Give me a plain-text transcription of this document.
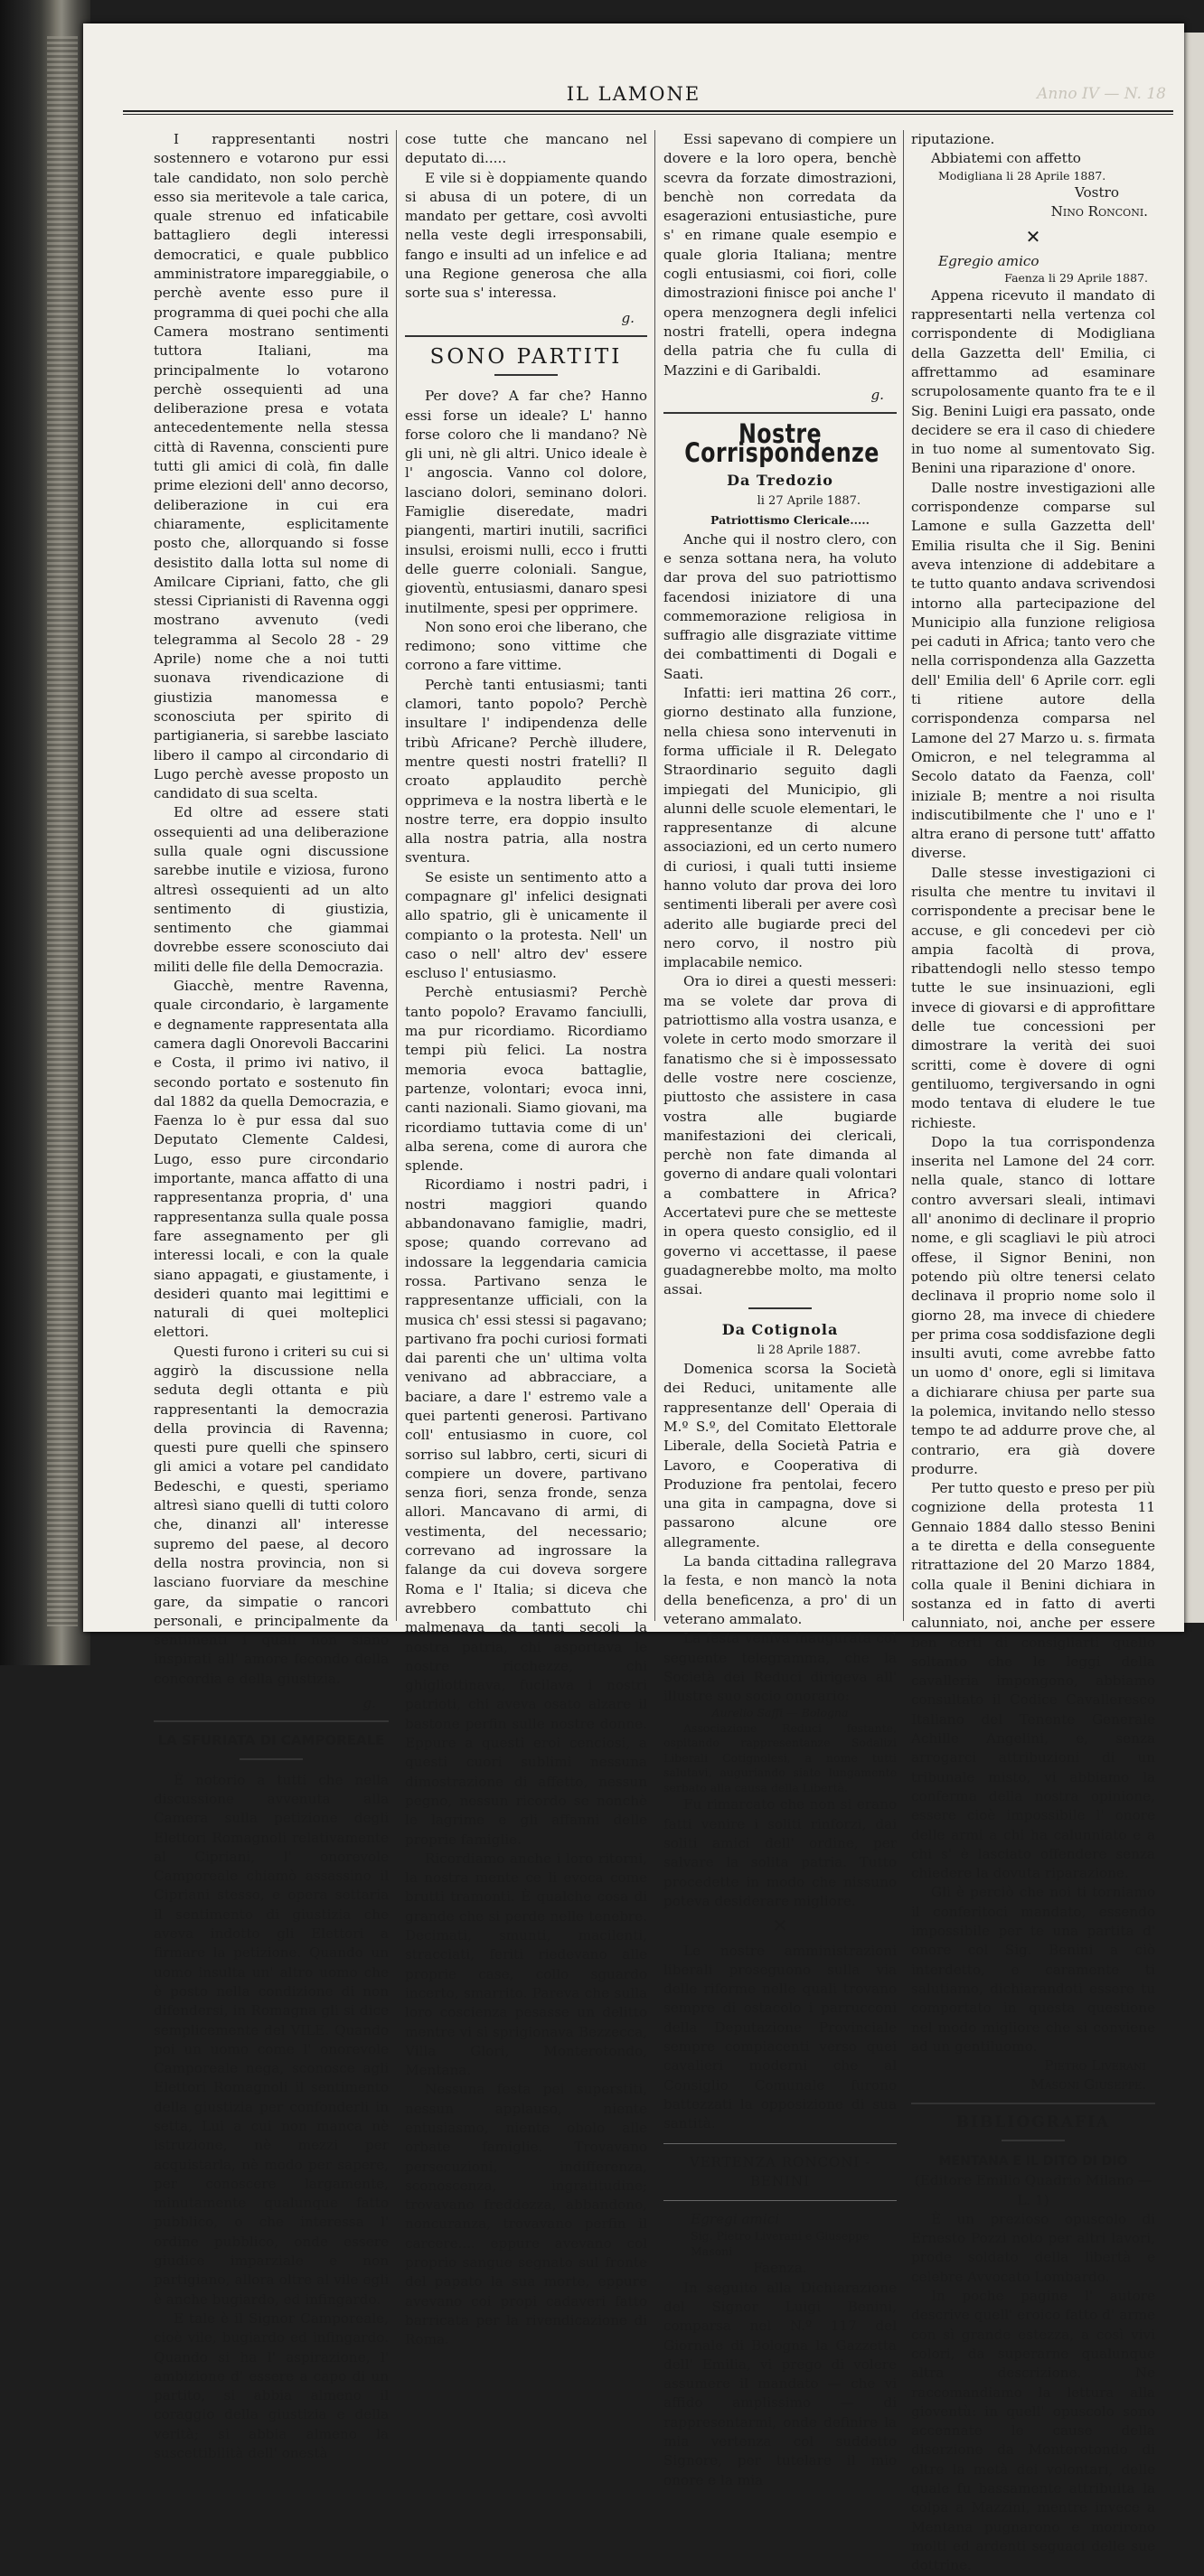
IL LAMONE	Anno IV — N. 18

I rappresentanti nostri sostennero e votarono pur essi tale candidato, non solo perchè esso sia meritevole a tale carica, quale strenuo ed infaticabile battagliero degli interessi democratici, e quale pubblico amministratore impareggiabile, o perchè avente esso pure il programma di quei pochi che alla Camera mostrano sentimenti tuttora Italiani, ma principalmente lo votarono perchè ossequienti ad una deliberazione presa e votata antecedentemente nella stessa città di Ravenna, conscienti pure tutti gli amici di colà, fin dalle prime elezioni dell' anno decorso, deliberazione in cui era chiaramente, esplicitamente posto che, allorquando si fosse desistito dalla lotta sul nome di Amilcare Cipriani, fatto, che gli stessi Ciprianisti di Ravenna oggi mostrano avvenuto (vedi telegramma al Secolo 28 - 29 Aprile) nome che a noi tutti suonava rivendicazione di giustizia manomessa e sconosciuta per spirito di partigianeria, si sarebbe lasciato libero il campo al circondario di Lugo perchè avesse proposto un candidato di sua scelta.

Ed oltre ad essere stati ossequienti ad una deliberazione sulla quale ogni discussione sarebbe inutile e viziosa, furono altresì ossequienti ad un alto sentimento di giustizia, sentimento che giammai dovrebbe essere sconosciuto dai militi delle file della Democrazia.

Giacchè, mentre Ravenna, quale circondario, è largamente e degnamente rappresentata alla camera dagli Onorevoli Baccarini e Costa, il primo ivi nativo, il secondo portato e sostenuto fin dal 1882 da quella Democrazia, e Faenza lo è pur essa dal suo Deputato Clemente Caldesi, Lugo, esso pure circondario importante, manca affatto di una rappresentanza propria, d' una rappresentanza sulla quale possa fare assegnamento per gli interessi locali, e con la quale siano appagati, e giustamente, i desideri quanto mai legittimi e naturali di quei molteplici elettori.

Questi furono i criteri su cui si aggirò la discussione nella seduta degli ottanta e più rappresentanti la democrazia della provincia di Ravenna; questi pure quelli che spinsero gli amici a votare pel candidato Bedeschi, e questi, speriamo altresì siano quelli di tutti coloro che, dinanzi all' interesse supremo del paese, al decoro della nostra provincia, non si lasciano fuorviare da meschine gare, da simpatie o rancori personali, e principalmente da sentimenti i quali non siano inspirati all' amore fecondo della concordia e della giustizia.

g.
LA SFURIATA DI CAMPOREALE

È notorio a tutti che nella discussione avvenuta alla Camera sulla petizione degli Elettori Romagnoli relativamente al Cipriani, l' onorevole Camporeale chiamò assassino il Cipriani stesso, e opera settaria il sentimento di giustizia che aveva indotto gli Elettori a firmare la petizione. Quando un uomo insulta un' altro uomo che è posto nella condizione di non difendersi, in Romagna gli si dice semplicemente del VILE. Quando poi un uomo come l' onorevole Camporeale nega, sconosce agli Elettori Romagnoli il sentimento della giustizia per confonderli in setta, Lui a cui non manca nè istruzione, nè mezzi per acquistarla, nè modo per sapere, per conoscere largamente, minutamente qualunque fatto pubblico, o che interessa l' ordine pubblico, onde essere giudice imparziale e non partigiano, allora oltre al vile egli è anche bugiardo, ed infingardo.

E tale è il Signor Camporeale, cioè vile, bugiardo ed infingardo. Quando si ha l' aspirazione, l' ambizione d' essere a capo di un partito, si abbia almeno il coraggio della giustizia e della verità; si abbia almeno la suscettibilità dell' onestà

cose tutte che mancano nel deputato di.....

E vile si è doppiamente quando si abusa di un potere, di un mandato per gettare, così avvolti nella veste degli irresponsabili, fango e insulti ad un infelice e ad una Regione generosa che alla sorte sua s' interessa.

g.
SONO PARTITI

Per dove? A far che? Hanno essi forse un ideale? L' hanno forse coloro che li mandano? Nè gli uni, nè gli altri. Unico ideale è l' angoscia. Vanno col dolore, lasciano dolori, seminano dolori. Famiglie diseredate, madri piangenti, martiri inutili, sacrifici insulsi, eroismi nulli, ecco i frutti delle guerre coloniali. Sangue, gioventù, entusiasmi, danaro spesi inutilmente, spesi per opprimere.

Non sono eroi che liberano, che redimono; sono vittime che corrono a fare vittime.

Perchè tanti entusiasmi; tanti clamori, tanto popolo? Perchè insultare l' indipendenza delle tribù Africane? Perchè illudere, mentre questi nostri fratelli? Il croato applaudito perchè opprimeva e la nostra libertà e le nostre terre, era doppio insulto alla nostra patria, alla nostra sventura.

Se esiste un sentimento atto a compagnare gl' infelici designati allo spatrio, gli è unicamente il compianto o la protesta. Nell' un caso o nell' altro dev' essere escluso l' entusiasmo.

Perchè entusiasmi? Perchè tanto popolo? Eravamo fanciulli, ma pur ricordiamo. Ricordiamo tempi più felici. La nostra memoria evoca battaglie, partenze, volontari; evoca inni, canti nazionali. Siamo giovani, ma ricordiamo tuttavia come di un' alba serena, come di aurora che splende.

Ricordiamo i nostri padri, i nostri maggiori quando abbandonavano famiglie, madri, spose; quando correvano ad indossare la leggendaria camicia rossa. Partivano senza le rappresentanze ufficiali, con la musica ch' essi stessi si pagavano; partivano fra pochi curiosi formati dai parenti che un' ultima volta venivano ad abbracciare, a baciare, a dare l' estremo vale a quei partenti generosi. Partivano coll' entusiasmo in cuore, col sorriso sul labbro, certi, sicuri di compiere un dovere, partivano senza fiori, senza fronde, senza allori. Mancavano di armi, di vestimenta, del necessario; correvano ad ingrossare la falange da cui doveva sorgere Roma e l' Italia; si diceva che avrebbero combattuto chi malmenava da tanti secoli la nostra patria, chi asportava le nostre ricchezze, chi ghigliottinava, fucilava i nostri patrioti, chi aveva osato alzare il bastone perfin sulle nostre donne. Eppure a questi eroi cenciosi, a questi cuori sublimi nessuna dimostrazione di affetto, nessun pegno, nessun ricordo se nonchè le lagrime e gli affanni delle proprie famiglie.

Ricordiamo anche i loro ritorni, la nostra mente ce li evoca come brutti tramonti. È qualche cosa di grande che si perde nelle tenebre. Decimati, smunti, macilenti, stracciati, feriti riedevano alle proprie case, collo sguardo incerto, smarrito. Pareva che sulla loro coscienza pesasse un delitto mentre vi si sprigionava Bezzecca, Villa Glori, Monterotondo, Mentana.

Nessuna festa pei superstiti, nessun applauso, niente entusiasmo, niente obolo alle orbate famiglie. Trovavano persecuzioni, indifferenza, sconoscenza, ingratitudine; trovavano freddezza, abbandono, noncuranza, trovavano perfin il carcere.... eppure avevano col proprio sangue segnato sul fronte del papato la sua morte, eppure avevano coi propi cadaveri fatto barricata per la rivendicazione di Roma.

Essi sapevano di compiere un dovere e la loro opera, benchè scevra da forzate dimostrazioni, benchè non corredata da esagerazioni entusiastiche, pure s' en rimane quale esempio e quale gloria Italiana; mentre cogli entusiasmi, coi fiori, colle dimostrazioni finisce poi anche l' opera menzognera degli infelici nostri fratelli, opera indegna della patria che fu culla di Mazzini e di Garibaldi.

g.
Nostre Corrispondenze
Da Tredozio
li 27 Aprile 1887.
Patriottismo Clericale.....

Anche qui il nostro clero, con e senza sottana nera, ha voluto dar prova del suo patriottismo facendosi iniziatore di una commemorazione religiosa in suffragio alle disgraziate vittime dei combattimenti di Dogali e Saati.

Infatti: ieri mattina 26 corr., giorno destinato alla funzione, nella chiesa sono intervenuti in forma ufficiale il R. Delegato Straordinario seguito dagli impiegati del Municipio, gli alunni delle scuole elementari, le rappresentanze di alcune associazioni, ed un certo numero di curiosi, i quali tutti insieme hanno voluto dar prova dei loro sentimenti liberali per avere così aderito alle bugiarde preci del nero corvo, il nostro più implacabile nemico.

Ora io direi a questi messeri: ma se volete dar prova di patriottismo alla vostra usanza, e volete in certo modo smorzare il fanatismo che si è impossessato delle vostre nere coscienze, piuttosto che assistere in casa vostra alle bugiarde manifestazioni dei clericali, perchè non fate dimanda al governo di andare quali volontari a combattere in Africa? Accertatevi pure che se metteste in opera questo consiglio, ed il governo vi accettasse, il paese guadagnerebbe molto, ma molto assai.

Da Cotignola
li 28 Aprile 1887.

Domenica scorsa la Società dei Reduci, unitamente alle rappresentanze dell' Operaia di M.º S.º, del Comitato Elettorale Liberale, della Società Patria e Lavoro, e Cooperativa di Produzione fra pentolai, fecero una gita in campagna, dove si passarono alcune ore allegramente.

La banda cittadina rallegrava la festa, e non mancò la nota della beneficenza, a pro' di un veterano ammalato.

La festa veniva inaugurata col seguente telegramma, che la Società dei Reduci dirigeva all' illustre suo socio onorario:

Aurelio Saffi — Bologna

Associazione Reduci festante, ospitando rappresentanze Sodalizi Liberali Cotignolesi, a nome tutti salutavi, auguriando siate lungamente serbato alla causa della Libertà.

Fu rimarcato che non si erano fatti venire i soliti rinforzi, dai soliti amici dell' ordine, per salvare la solita patria. Tutto procedette in modo che nissuno poteva desiderare migliore.

✕

Le nostre amministrazioni liberali proseguono sulla via delle riforme nelle quali trovano sempre di ostacolo i parrucconi della Deputazione Provinciale sempre compiacenti verso quei cavalieri moderni che al Consiglio Comunale furono battezzati la opposizione di sua santità.

VERTENZA RONCONI - BENINI
Egregi amici
Sig. Pietro Liverani e Giuseppe Masoni
Faenza.

In seguito alla Dichiarazione del Signor Luigi Benini, comparsa nel N.º 117 del Giornale di Bologna la Gazzetta dell' Emilia, vi prego di volere assumere il mandato — che vi affido amplissimo — di rappresentarmi, onde definire la mia vertenza col suddetto Signore, per tutelare il mio onore e la mia

riputazione.

Abbiatemi con affetto

Modigliana li 28 Aprile 1887.
Vostro
Nino Ronconi.
✕
Egregio amico
Faenza li 29 Aprile 1887.

Appena ricevuto il mandato di rappresentarti nella vertenza col corrispondente di Modigliana della Gazzetta dell' Emilia, ci affrettammo ad esaminare scrupolosamente quanto fra te e il Sig. Benini Luigi era passato, onde decidere se era il caso di chiedere in tuo nome al sumentovato Sig. Benini una riparazione d' onore.

Dalle nostre investigazioni alle corrispondenze comparse sul Lamone e sulla Gazzetta dell' Emilia risulta che il Sig. Benini aveva intenzione di addebitare a te tutto quanto andava scrivendosi intorno alla partecipazione del Municipio alla funzione religiosa pei caduti in Africa; tanto vero che nella corrispondenza alla Gazzetta dell' Emilia dell' 6 Aprile corr. egli ti ritiene autore della corrispondenza comparsa nel Lamone del 27 Marzo u. s. firmata Omicron, e nel telegramma al Secolo datato da Faenza, coll' iniziale B; mentre a noi risulta indiscutibilmente che l' uno e l' altra erano di persone tutt' affatto diverse.

Dalle stesse investigazioni ci risulta che mentre tu invitavi il corrispondente a precisar bene le accuse, e gli concedevi per ciò ampia facoltà di prova, ribattendogli nello stesso tempo tutte le sue insinuazioni, egli invece di giovarsi e di approfittare delle tue concessioni per dimostrare la verità dei suoi scritti, come è dovere di ogni gentiluomo, tergiversando in ogni modo tentava di eludere le tue richieste.

Dopo la tua corrispondenza inserita nel Lamone del 24 corr. nella quale, stanco di lottare contro avversari sleali, intimavi all' anonimo di declinare il proprio nome, e gli scagliavi le più atroci offese, il Signor Benini, non potendo più oltre tenersi celato declinava il proprio nome solo il giorno 28, ma invece di chiedere per prima cosa soddisfazione degli insulti avuti, come avrebbe fatto un uomo d' onore, egli si limitava a dichiarare chiusa per parte sua la polemica, invitando nello stesso tempo te ad addurre prove che, al contrario, era già dovere produrre.

Per tutto questo e preso per più cognizione della protesta 11 Gennaio 1884 dallo stesso Benini a te diretta e della conseguente ritrattazione del 20 Marzo 1884, colla quale il Benini dichiara in sostanza ed in fatto di averti calunniato, noi, anche per essere ben certi di consigliarti quello soltanto che le leggi della cavalleria impongono, abbiamo consultato il Codice Cavalleresco Italiano del Tenente Generale Achille Angelini, e, senza arrogarci attribuzioni di un tribunale misto, vi abbiamo la conferma della nostra opinione, essere cioè impossibile l' onore delle armi a chi ha calunniato e a chi s' è lasciato offendere senza chiedere la dovuta riparazione.

Gli è perciò che noi ti torniamo il conferitoci mandato, essendo impossibile per te una partita d' onore col Sig. Benini a ciò interdetto, e caramente ti salutiamo, dichiarandoti essere tu comportato in questa questione nel modo migliore che si conviene ad un gentiluomo.

Pietro Liverani
Masoni Giuseppe.
BIBLIOGRAFIA
MENTANA E IL DITO DI DIO
(Editore Emilio Quadrio Milano — L. 1)

È un prezioso opuscolo di Ernesto Pozzi noto per altri lavori, prode soldato della libertà e celebre Avvocato Lombardo.

In poche pagine l' autore descrive quell' eroico fatto d' arme con sì grande estezza, a così vivi colori, da superarne qualunque altra descrizione. Ne raccomandiamo la lettura alla gioventù: in quell' opuscolo sono accennate le cause della diserzione da Monterotondo di oltre la metà dei volontari, delle quale fu bassamente attribuita la colpa a Mazzini, mentre invece a Mentana pugnarono e morirono molti ed ardenti seguaci delle sue dottrine.
